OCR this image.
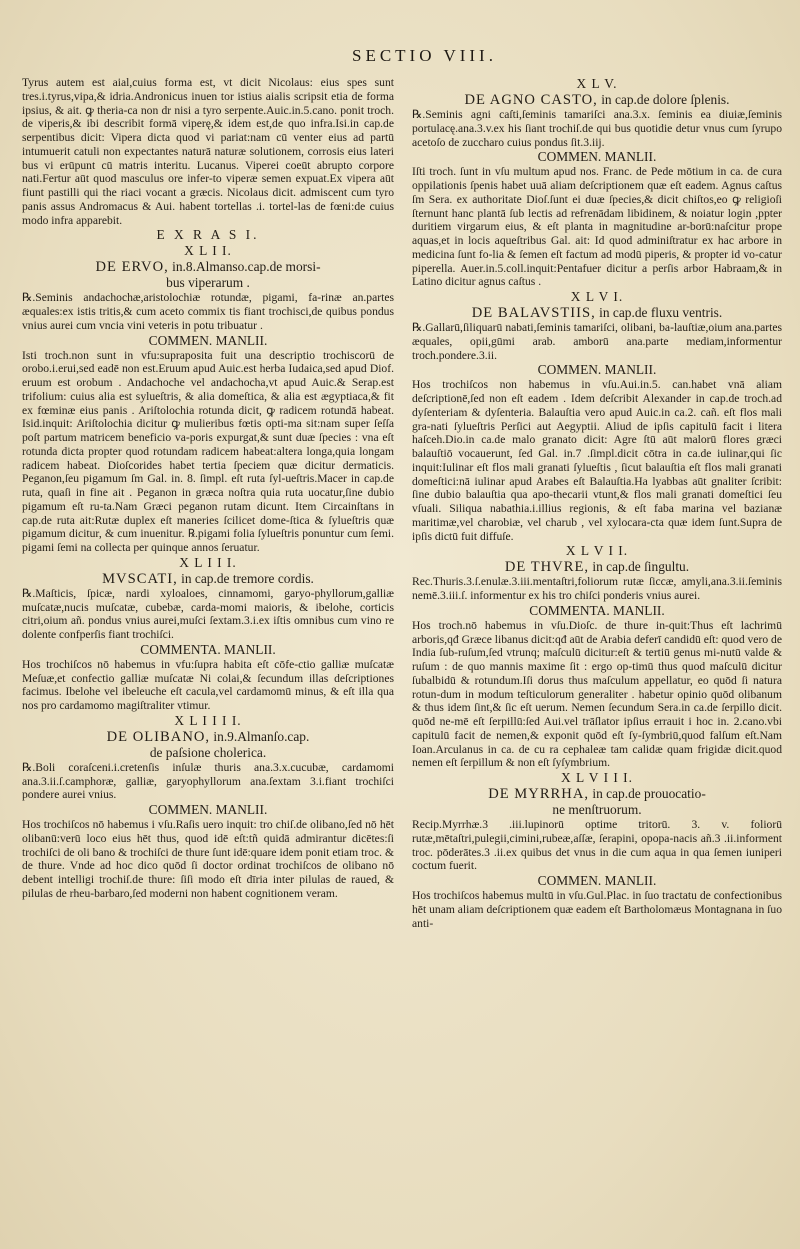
SECTIO VIII.

Tyrus autem est aial,cuius forma est, vt dicit Nicolaus: eius spes sunt tres.i.tyrus,vipa,& idria.Andronicus inuen tor istius aialis scripsit etia de forma ipsius, & ait. ꝙ theria-ca non dr nisi a tyro serpente.Auic.in.5.cano. ponit troch. de viperis,& ibi describit formā viperę,& idem est,de quo infra.Isi.in cap.de serpentibus dicit: Vipera dicta quod vi pariat:nam cū venter eius ad partū intumuerit catuli non expectantes naturā naturæ solutionem, corrosis eius lateri bus vi erūpunt cū matris interitu. Lucanus. Viperei coeūt abrupto corpore nati.Fertur aūt quod masculus ore infer-to viperæ semen expuat.Ex vipera aūt fiunt pastilli qui the riaci vocant a græcis. Nicolaus dicit. admiscent cum tyro panis assus Andromacus & Aui. habent tortellas .i. tortel-las de fœni:de cuius modo infra apparebit.

E X R A S I.
X L I I.
DE ERVO, in.8.Almanso.cap.de morsi-
bus viperarum .

℞.Seminis andachochæ,aristolochiæ rotundæ, pigami, fa-rinæ an.partes æquales:ex istis tritis,& cum aceto commix tis fiant trochisci,de quibus pondus vnius aurei cum vncia vini veteris in potu tribuatur .

COMMEN. MANLII.

Isti troch.non sunt in vfu:supraposita fuit una descriptio trochiscorū de orobo.i.erui,sed eadē non est.Eruum apud Auic.est herba Iudaica,sed apud Diof. eruum est orobum . Andachoche vel andachocha,vt apud Auic.& Serap.est trifolium: cuius alia est sylueſtris, & alia domeſtica, & alia est ægyptiaca,& fit ex fœminæ eius panis . Ariſtolochia rotunda dicit, ꝙ radicem rotundā habeat. Isid.inquit: Ariſtolochia dicitur ꝙ mulieribus fœtis opti-ma sit:nam super ſeſſa poſt partum matricem beneficio va-poris expurgat,& sunt duæ ſpecies : vna eſt rotunda dicta propter quod rotundam radicem habeat:altera longa,quia longam radicem habeat. Dioſcorides habet tertia ſpeciem quæ dicitur dermaticis. Peganon,ſeu pigamum ſm Gal. in. 8. ſimpl. eſt ruta ſyl-ueſtris.Macer in cap.de ruta, quaſi in fine ait . Peganon in græca noſtra quia ruta uocatur,ſine dubio pigamum eſt ru-ta.Nam Græci peganon rutam dicunt. Item Circainſtans in cap.de ruta ait:Rutæ duplex eſt maneries ſcilicet dome-ſtica & ſylueſtris quæ pigamum dicitur, & cum inuenitur. ℞.pigami folia ſylueſtris ponuntur cum ſemi. pigami ſemi na collecta per quinque annos ſeruatur.

X L I I I.
MVSCATI, in cap.de tremore cordis.

℞.Maſticis, ſpicæ, nardi xyloaloes, cinnamomi, garyo-phyllorum,galliæ muſcatæ,nucis muſcatæ, cubebæ, carda-momi maioris, & ibelohe, corticis citri,oium añ. pondus vnius aurei,muſci ſextam.3.i.ex iſtis omnibus cum vino re dolente confperſis fiant trochiſci.

COMMENTA. MANLII.

Hos trochiſcos nō habemus in vfu:ſupra habita eſt cōfe-ctio galliæ muſcatæ Meſuæ,et confectio galliæ muſcatæ Ni colai,& ſecundum illas deſcriptiones facimus. Ibelohe vel ibeleuche eſt cacula,vel cardamomū minus, & eſt illa qua nos pro cardamomo magiſtraliter vtimur.

X L I I I I.
DE OLIBANO, in.9.Almanſo.cap.
de paſsione cholerica.

℞.Boli coraſceni.i.cretenſis inſulæ thuris ana.3.x.cucubæ, cardamomi ana.3.ii.ſ.camphoræ, galliæ, garyophyllorum ana.ſextam 3.i.fiant trochiſci pondere aurei vnius.

COMMEN. MANLII.

Hos trochiſcos nō habemus i vſu.Raſis uero inquit: tro chiſ.de olibano,ſed nō hēt olibanū:verū loco eius hēt thus, quod idē eſt:tñ quidā admirantur dicētes:ſi trochiſci de oli bano & trochiſci de thure ſunt idē:quare idem ponit etiam troc. & de thure. Vnde ad hoc dico quōd ſi doctor ordinat trochiſcos de olibano nō debent intelligi trochiſ.de thure: ſiſi modo eſt dīria inter pilulas de raued, & pilulas de rheu-barbaro,ſed moderni non habent cognitionem veram.

X L V.
DE AGNO CASTO, in cap.de dolore ſplenis.

℞.Seminis agni caſti,ſeminis tamariſci ana.3.x. ſeminis ea diuiæ,ſeminis portulacę.ana.3.v.ex his ſiant trochiſ.de qui bus quotidie detur vnus cum ſyrupo acetoſo de zuccharo cuius pondus ſit.3.iij.

COMMEN. MANLII.

Iſti troch. ſunt in vſu multum apud nos. Franc. de Pede mōtium in ca. de cura oppilationis ſpenis habet uuā aliam deſcriptionem quæ eſt eadem. Agnus caſtus ſm Sera. ex authoritate Dioſ.ſunt ei duæ ſpecies,& dicit chiſtos,eo ꝙ religioſi ſternunt hanc plantā ſub lectis ad refrenādam libidinem, & noiatur login ,ppter duritiem virgarum eius, & eſt planta in magnitudine ar-borū:naſcitur prope aquas,et in locis aqueſtribus Gal. ait: Id quod adminiſtratur ex hac arbore in medicina ſunt fo-lia & ſemen eſt factum ad modū piperis, & propter id vo-catur piperella. Auer.in.5.coll.inquit:Pentafuer dicitur a perſis arbor Habraam,& in Latino dicitur agnus caſtus .

X L V I.
DE BALAVSTIIS, in cap.de fluxu ventris.

℞.Gallarū,ſiliquarū nabati,ſeminis tamariſci, olibani, ba-lauſtiæ,oium ana.partes æquales, opii,gūmi arab. amborū ana.parte mediam,informentur troch.pondere.3.ii.

COMMEN. MANLII.

Hos trochiſcos non habemus in vſu.Aui.in.5. can.habet vnā aliam deſcriptionē,ſed non eſt eadem . Idem deſcribit Alexander in cap.de troch.ad dyſenteriam & dyſenteria. Balauſtia vero apud Auic.in ca.2. cañ. eſt flos mali gra-nati ſylueſtris Perſici aut Aegyptii. Aliud de ipſis capitulū facit i litera haſceh.Dio.in ca.de malo granato dicit: Agre ſtū aūt malorū flores græci balauſtiō vocauerunt, ſed Gal. in.7 .ſimpl.dicit cōtra in ca.de iulinar,qui ſic inquit:Iulinar eſt flos mali granati ſylueſtis , ſicut balauſtia eſt flos mali granati domeſtici:nā iulinar apud Arabes eſt Balauſtia.Ha lyabbas aūt gnaliter ſcribit: ſine dubio balauſtia qua apo-thecarii vtunt,& flos mali granati domeſtici ſeu vſuali. Siliqua nabathia.i.illius regionis, & eſt faba marina vel bazianæ maritimæ,vel charobiæ, vel charub , vel xylocara-cta quæ idem ſunt.Supra de ipſis dictū fuit diffuſe.

X L V I I.
DE THVRE, in cap.de ſingultu.

Rec.Thuris.3.ſ.enulæ.3.iii.mentaſtri,foliorum rutæ ſiccæ, amyli,ana.3.ii.ſeminis nemē.3.iii.ſ. informentur ex his tro chiſci ponderis vnius aurei.

COMMENTA. MANLII.

Hos troch.nō habemus in vſu.Dioſc. de thure in-quit:Thus eſt lachrimū arboris,qđ Græce libanus dicit:qđ aūt de Arabia deferī candidū eſt: quod vero de India ſub-ruſum,ſed vtrunq; maſculū dicitur:eſt & tertiū genus mi-nutū valde & ruſum : de quo mannis maxime ſit : ergo op-timū thus quod maſculū dicitur ſubalbidū & rotundum.Iſi dorus thus maſculum appellatur, eo quōd ſi natura rotun-dum in modum teſticulorum generaliter . habetur opinio quōd olibanum & thus idem ſint,& ſic eſt uerum. Nemen ſecundum Sera.in ca.de ſerpillo dicit. quōd ne-mē eſt ſerpillū:ſed Aui.vel trāſlator ipſius errauit i hoc in. 2.cano.vbi capitulū facit de nemen,& exponit quōd eſt ſy-ſymbriū,quod falſum eſt.Nam Ioan.Arculanus in ca. de cu ra cephaleæ tam calidæ quam frigidæ dicit.quod nemen eſt ſerpillum & non eſt ſyſymbrium.

X L V I I I.
DE MYRRHA, in cap.de prouocatio-
ne menſtruorum.

Recip.Myrrhæ.3 .iii.lupinorū optime tritorū. 3. v. foliorū rutæ,mētaſtri,pulegii,cimini,rubeæ,aſſæ, ſerapini, opopa-nacis añ.3 .ii.informent troc. pōderātes.3 .ii.ex quibus det vnus in die cum aqua in qua ſemen iuniperi coctum fuerit.

COMMEN. MANLII.

Hos trochiſcos habemus multū in vſu.Gul.Plac. in ſuo tractatu de confectionibus hēt unam aliam deſcriptionem quæ eadem eſt Bartholomæus Montagnana in ſuo anti-
